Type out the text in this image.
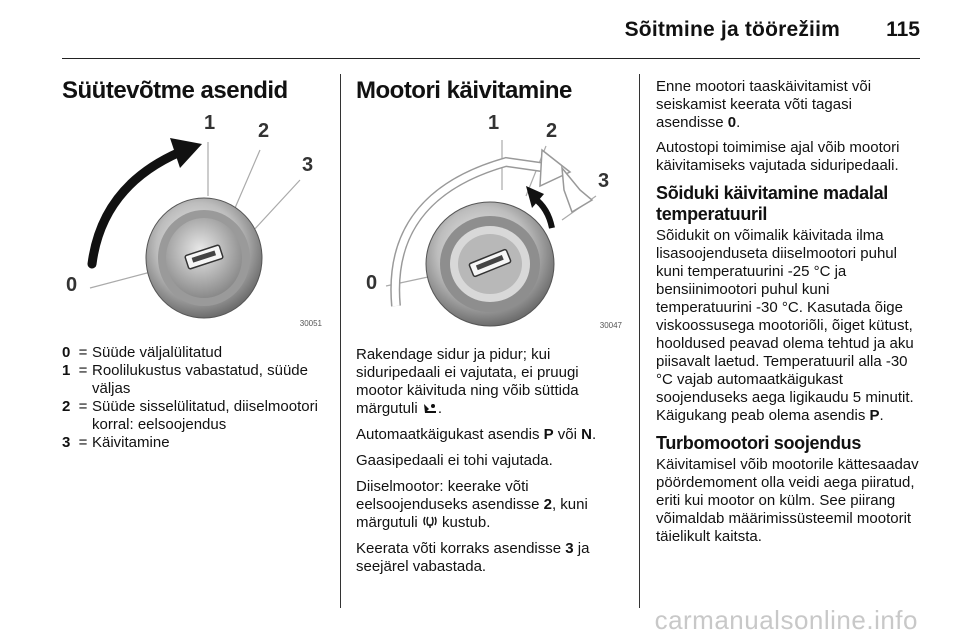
Sõitmine ja töörežiim 115
Süütevõtme asendid
1 2
3
0
30051
0 = Süüde väljalülitatud
1 = Roolilukustus vabastatud, süüde väljas
2 = Süüde sisselülitatud, diiselmootori korral: eelsoojendus
3 = Käivitamine
Mootori käivitamine
1 2
3
0
30047

Rakendage sidur ja pidur; kui siduripedaali ei vajutata, ei pruugi mootor käivituda ning võib süttida märgutuli .

Automaatkäigukast asendis P või N.

Gaasipedaali ei tohi vajutada.

Diiselmootor: keerake võti eelsoojenduseks asendisse 2, kuni märgutuli  kustub.

Keerata võti korraks asendisse 3 ja seejärel vabastada.

Enne mootori taaskäivitamist või seiskamist keerata võti tagasi asendisse 0.

Autostopi toimimise ajal võib mootori käivitamiseks vajutada siduripedaali.

Sõiduki käivitamine madalal temperatuuril

Sõidukit on võimalik käivitada ilma lisasoojenduseta diiselmootori puhul kuni temperatuurini -25 °C ja bensiinimootori puhul kuni temperatuurini -30 °C. Kasutada õige viskoossusega mootoriõli, õiget kütust, hooldused peavad olema tehtud ja aku piisavalt laetud. Temperatuuril alla -30 °C vajab automaatkäigukast soojenduseks aega ligikaudu 5 minutit. Käigukang peab olema asendis P.

Turbomootori soojendus

Käivitamisel võib mootorile kättesaadav pöördemoment olla veidi aega piiratud, eriti kui mootor on külm. See piirang võimaldab määrimissüsteemil mootorit täielikult kaitsta.

carmanualsonline.info
